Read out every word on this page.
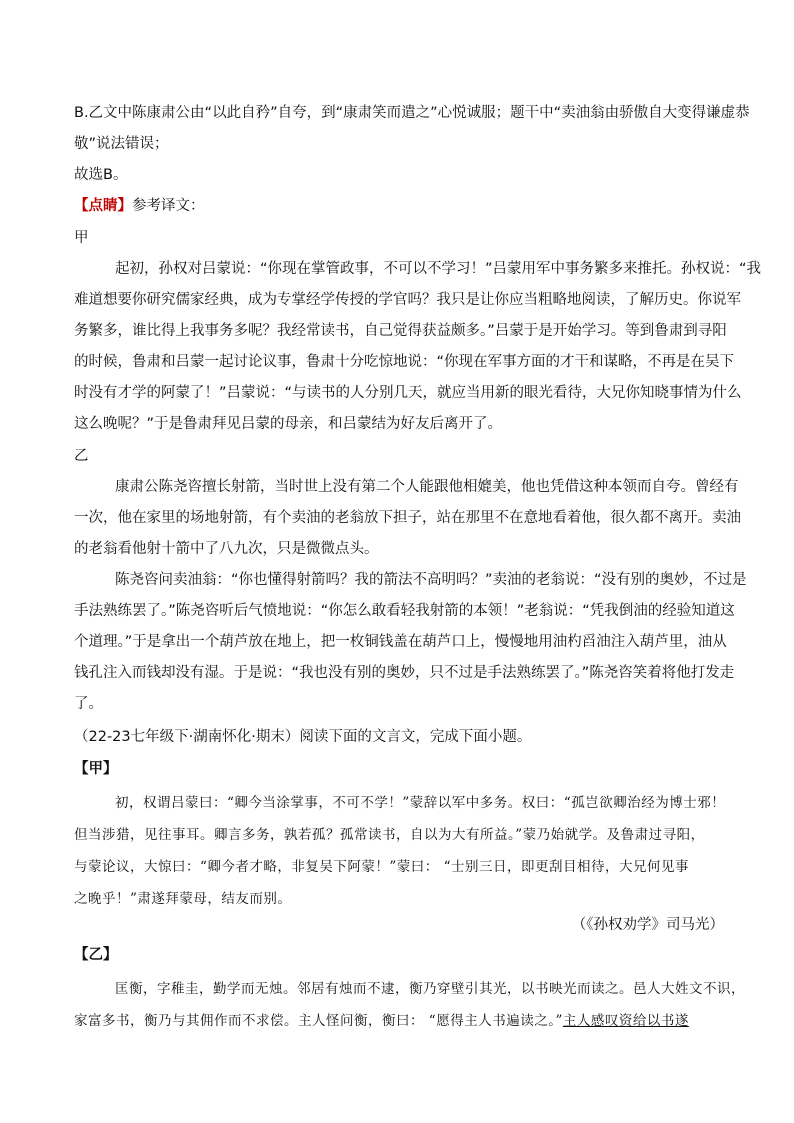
B.乙文中陈康肃公由“以此自矜”自夸，到“康肃笑而遣之”心悦诚服；题干中“卖油翁由骄傲自大变得谦虚恭
敬”说法错误；
故选B。
【点睛】参考译文：
甲
起初，孙权对吕蒙说：“你现在掌管政事，不可以不学习！”吕蒙用军中事务繁多来推托。孙权说：“我
难道想要你研究儒家经典，成为专掌经学传授的学官吗？我只是让你应当粗略地阅读，了解历史。你说军
务繁多，谁比得上我事务多呢？我经常读书，自己觉得获益颇多。”吕蒙于是开始学习。等到鲁肃到寻阳
的时候，鲁肃和吕蒙一起讨论议事，鲁肃十分吃惊地说：“你现在军事方面的才干和谋略，不再是在吴下
时没有才学的阿蒙了！”吕蒙说：“与读书的人分别几天，就应当用新的眼光看待，大兄你知晓事情为什么
这么晚呢？”于是鲁肃拜见吕蒙的母亲，和吕蒙结为好友后离开了。
乙
康肃公陈尧咨擅长射箭，当时世上没有第二个人能跟他相媲美，他也凭借这种本领而自夸。曾经有
一次，他在家里的场地射箭，有个卖油的老翁放下担子，站在那里不在意地看着他，很久都不离开。卖油
的老翁看他射十箭中了八九次，只是微微点头。
陈尧咨问卖油翁：“你也懂得射箭吗？我的箭法不高明吗？”卖油的老翁说：“没有别的奥妙，不过是
手法熟练罢了。”陈尧咨听后气愤地说：“你怎么敢看轻我射箭的本领！”老翁说：“凭我倒油的经验知道这
个道理。”于是拿出一个葫芦放在地上，把一枚铜钱盖在葫芦口上，慢慢地用油杓舀油注入葫芦里，油从
钱孔注入而钱却没有湿。于是说：“我也没有别的奥妙，只不过是手法熟练罢了。”陈尧咨笑着将他打发走
了。
（22-23七年级下·湖南怀化·期末）阅读下面的文言文，完成下面小题。
【甲】
初，权谓吕蒙曰：“卿今当涂掌事，不可不学！”蒙辞以军中多务。权曰：“孤岂欲卿治经为博士邪！
但当涉猎，见往事耳。卿言多务，孰若孤？孤常读书，自以为大有所益。”蒙乃始就学。及鲁肃过寻阳，
与蒙论议，大惊曰：“卿今者才略，非复吴下阿蒙！”蒙曰： “士别三日，即更刮目相待，大兄何见事
之晚乎！”肃遂拜蒙母，结友而别。
（《孙权劝学》司马光）
【乙】
匡衡，字稚圭，勤学而无烛。邻居有烛而不逮，衡乃穿壁引其光，以书映光而读之。邑人大姓文不识，
家富多书，衡乃与其佣作而不求偿。主人怪问衡，衡曰： “愿得主人书遍读之。”主人感叹资给以书遂
